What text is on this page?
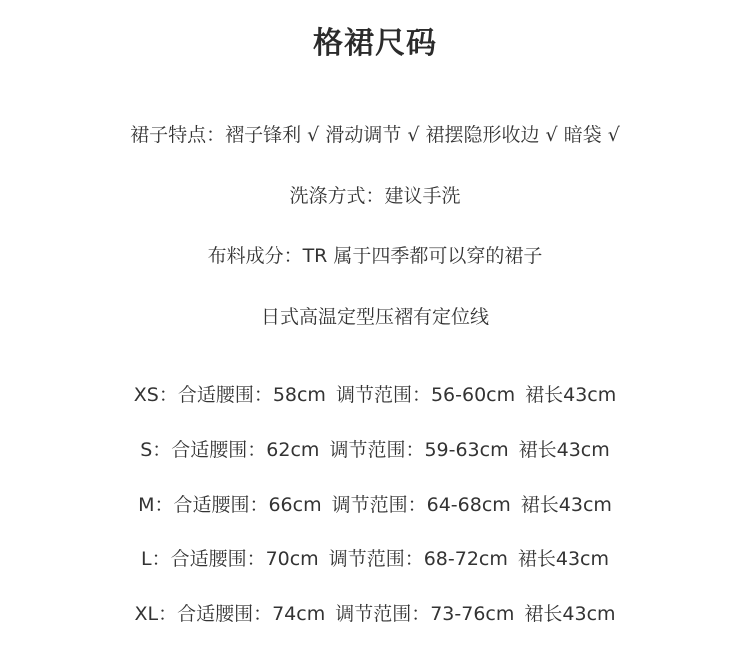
格裙尺码
裙子特点：褶子锋利 √ 滑动调节 √ 裙摆隐形收边 √ 暗袋 √
洗涤方式：建议手洗
布料成分：TR 属于四季都可以穿的裙子
日式高温定型压褶有定位线
XS：合适腰围：58cm 调节范围：56-60cm 裙长43cm
S：合适腰围：62cm 调节范围：59-63cm 裙长43cm
M：合适腰围：66cm 调节范围：64-68cm 裙长43cm
L：合适腰围：70cm 调节范围：68-72cm 裙长43cm
XL：合适腰围：74cm 调节范围：73-76cm 裙长43cm
